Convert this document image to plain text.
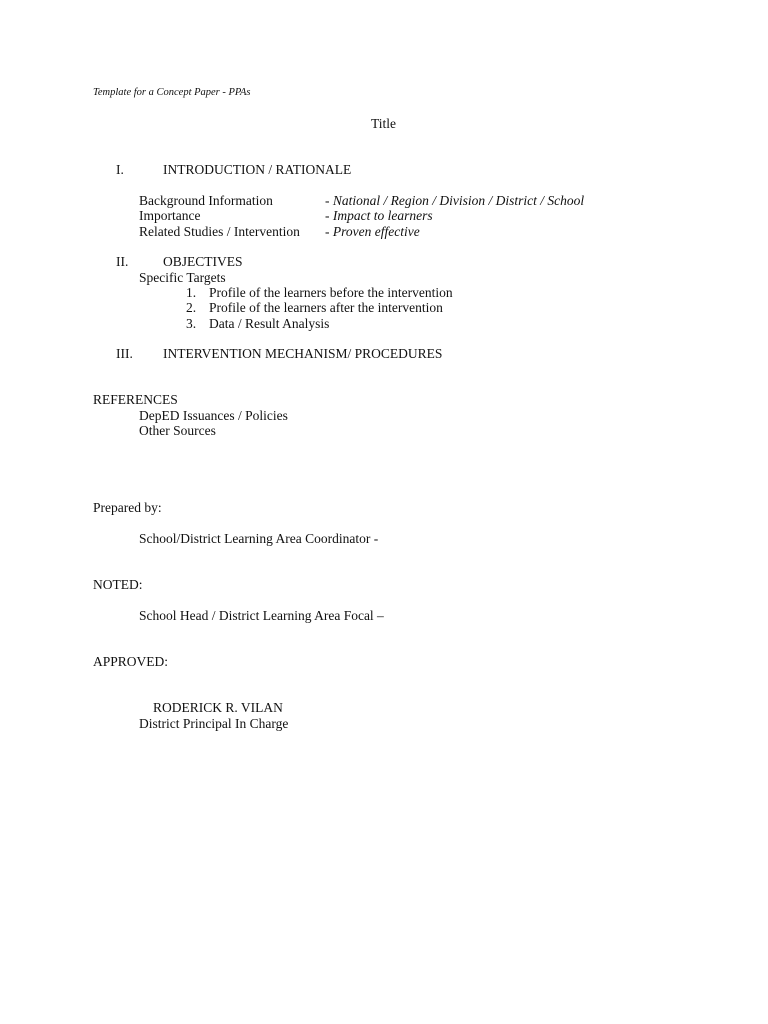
Template for a Concept Paper - PPAs
Title
I.	INTRODUCTION / RATIONALE
Background Information	- National / Region / Division / District / School
Importance	- Impact to learners
Related Studies / Intervention - Proven effective
II.	OBJECTIVES
Specific Targets
1. Profile of the learners before the intervention
2. Profile of the learners after the intervention
3. Data / Result Analysis
III. INTERVENTION MECHANISM/ PROCEDURES
REFERENCES
DepED Issuances / Policies
Other Sources
Prepared by:
School/District Learning Area Coordinator -
NOTED:
School Head / District Learning Area Focal –
APPROVED:
RODERICK R. VILAN
District Principal In Charge
